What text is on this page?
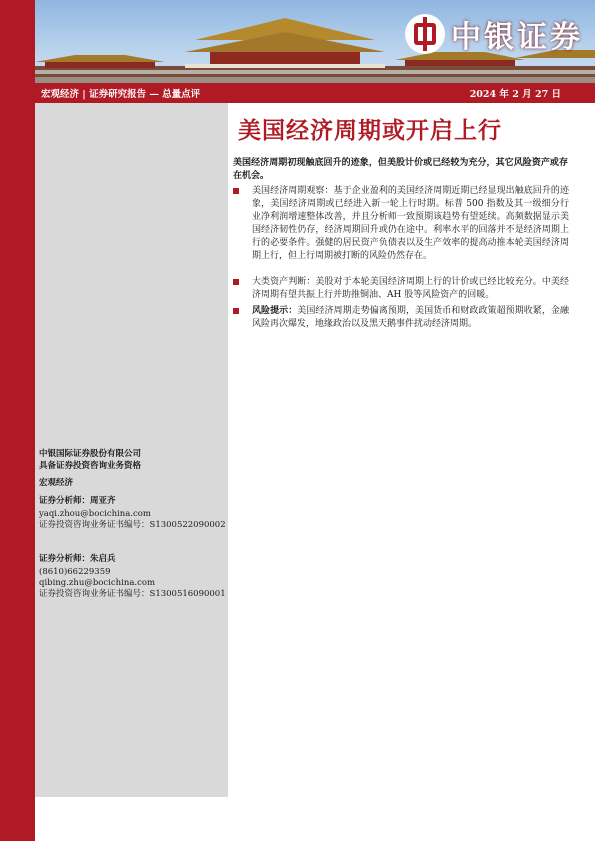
中银证券
宏观经济 | 证券研究报告 — 总量点评	2024 年 2 月 27 日
中银国际证券股份有限公司
具备证券投资咨询业务资格
宏观经济
证券分析师：周亚齐
yaqi.zhou@bocichina.com
证券投资咨询业务证书编号：S1300522090002
证券分析师：朱启兵
(8610)66229359
qibing.zhu@bocichina.com
证券投资咨询业务证书编号：S1300516090001
美国经济周期或开启上行
美国经济周期初现触底回升的迹象，但美股计价或已经较为充分，其它风险资产或存在机会。
美国经济周期观察：基于企业盈利的美国经济周期近期已经显现出触底回升的迹象，美国经济周期或已经进入新一轮上行时期。标普 500 指数及其一级细分行业净利润增速整体改善，并且分析师一致预期该趋势有望延续。高频数据显示美国经济韧性仍存，经济周期回升或仍在途中。利率水平的回落并不是经济周期上行的必要条件。强健的居民资产负债表以及生产效率的提高动推本轮美国经济周期上行，但上行周期被打断的风险仍然存在。
大类资产判断：美股对于本轮美国经济周期上行的计价或已经比较充分。中美经济周期有望共振上行并助推铜油、AH 股等风险资产的回暖。
风险提示：美国经济周期走势偏离预期，美国货币和财政政策超预期收紧，金融风险再次爆发，地缘政治以及黑天鹅事件扰动经济周期。
